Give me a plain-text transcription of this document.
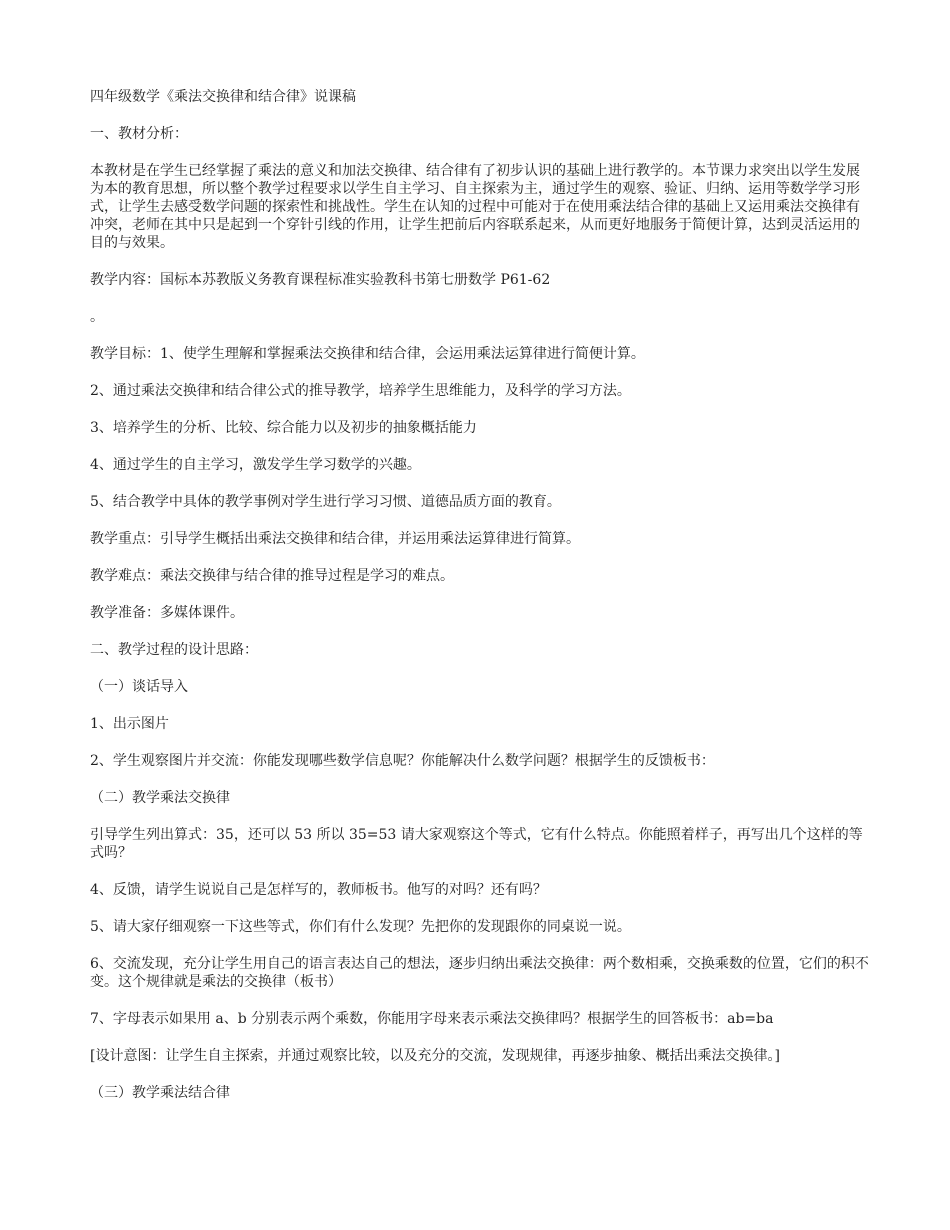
四年级数学《乘法交换律和结合律》说课稿

一、教材分析：

本教材是在学生已经掌握了乘法的意义和加法交换律、结合律有了初步认识的基础上进行教学的。本节课力求突出以学生发展为本的教育思想，所以整个教学过程要求以学生自主学习、自主探索为主，通过学生的观察、验证、归纳、运用等数学学习形式，让学生去感受数学问题的探索性和挑战性。学生在认知的过程中可能对于在使用乘法结合律的基础上又运用乘法交换律有冲突，老师在其中只是起到一个穿针引线的作用，让学生把前后内容联系起来，从而更好地服务于简便计算，达到灵活运用的目的与效果。

教学内容：国标本苏教版义务教育课程标准实验教科书第七册数学 P61-62

。

教学目标：1、使学生理解和掌握乘法交换律和结合律，会运用乘法运算律进行简便计算。

2、通过乘法交换律和结合律公式的推导教学，培养学生思维能力，及科学的学习方法。

3、培养学生的分析、比较、综合能力以及初步的抽象概括能力

4、通过学生的自主学习，激发学生学习数学的兴趣。

5、结合教学中具体的教学事例对学生进行学习习惯、道德品质方面的教育。

教学重点：引导学生概括出乘法交换律和结合律，并运用乘法运算律进行简算。

教学难点：乘法交换律与结合律的推导过程是学习的难点。

教学准备：多媒体课件。

二、教学过程的设计思路：

（一）谈话导入

1、出示图片

2、学生观察图片并交流：你能发现哪些数学信息呢？你能解决什么数学问题？根据学生的反馈板书：

（二）教学乘法交换律

引导学生列出算式：35，还可以 53 所以 35=53 请大家观察这个等式，它有什么特点。你能照着样子，再写出几个这样的等式吗？

4、反馈，请学生说说自己是怎样写的，教师板书。他写的对吗？还有吗？

5、请大家仔细观察一下这些等式，你们有什么发现？先把你的发现跟你的同桌说一说。

6、交流发现，充分让学生用自己的语言表达自己的想法，逐步归纳出乘法交换律：两个数相乘，交换乘数的位置，它们的积不变。这个规律就是乘法的交换律（板书）

7、字母表示如果用 a、b 分别表示两个乘数，你能用字母来表示乘法交换律吗？根据学生的回答板书：ab=ba

[设计意图：让学生自主探索，并通过观察比较，以及充分的交流，发现规律，再逐步抽象、概括出乘法交换律。]

（三）教学乘法结合律
